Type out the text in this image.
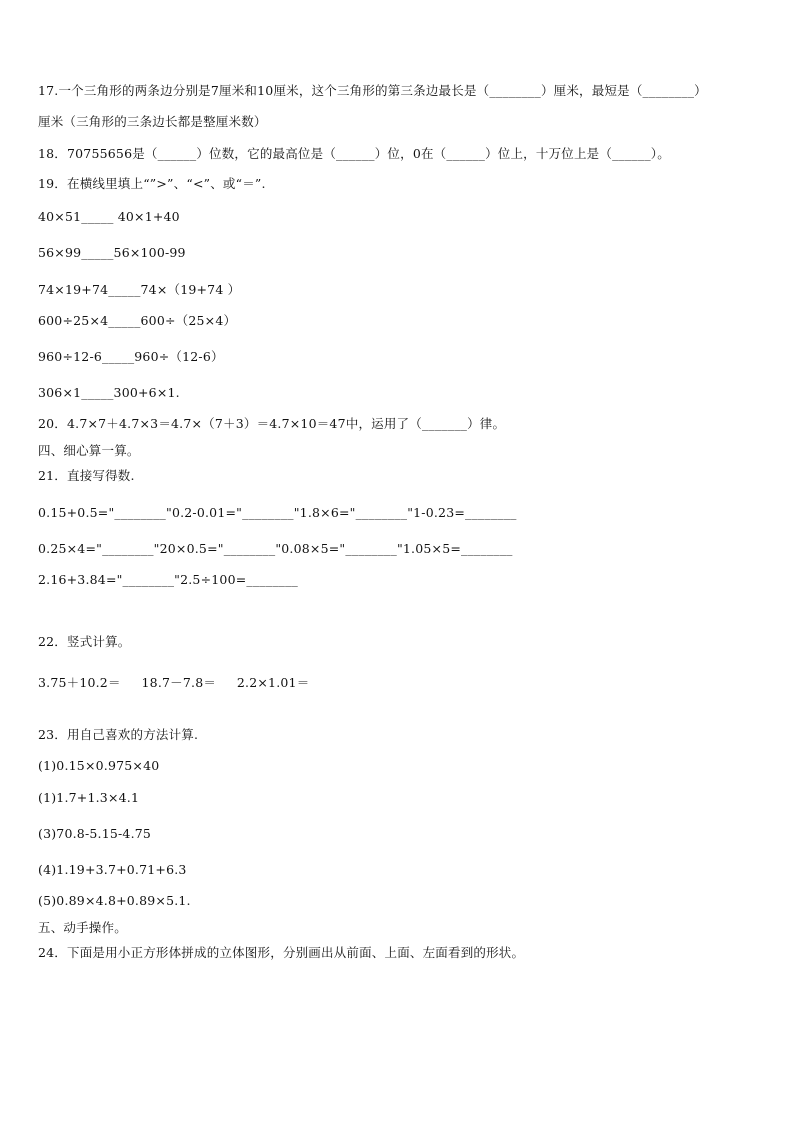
17.一个三角形的两条边分别是7厘米和10厘米，这个三角形的第三条边最长是（________）厘米，最短是（________）
厘米（三角形的三条边长都是整厘米数）
18．70755656是（______）位数，它的最高位是（______）位，0在（______）位上，十万位上是（______）。
19．在横线里填上“”>”、“<”、或“＝”.
40×51_____ 40×1+40
56×99_____56×100-99
74×19+74_____74×（19+74 ）
600÷25×4_____600÷（25×4）
960÷12-6_____960÷（12-6）
306×1_____300+6×1.
20．4.7×7＋4.7×3＝4.7×（7＋3）＝4.7×10＝47中，运用了（_______）律。
四、细心算一算。
21．直接写得数.
0.15+0.5="________"0.2-0.01="________"1.8×6="________"1-0.23=________
0.25×4="________"20×0.5="________"0.08×5="________"1.05×5=________
2.16+3.84="________"2.5÷100=________
22．竖式计算。
3.75＋10.2＝     18.7－7.8＝     2.2×1.01＝
23．用自己喜欢的方法计算.
(1)0.15×0.975×40
(1)1.7+1.3×4.1
(3)70.8-5.15-4.75
(4)1.19+3.7+0.71+6.3
(5)0.89×4.8+0.89×5.1.
五、动手操作。
24．下面是用小正方形体拼成的立体图形，分别画出从前面、上面、左面看到的形状。
